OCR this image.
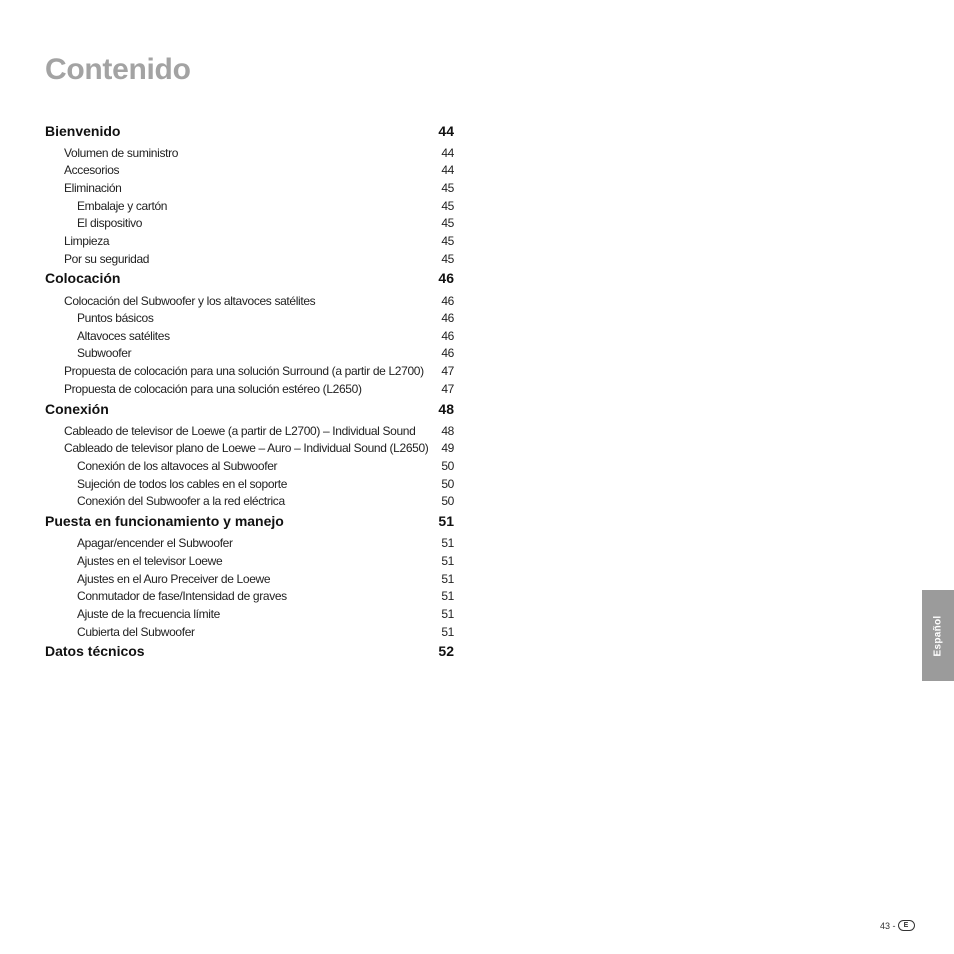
Contenido
Bienvenido	44
Volumen de suministro	44
Accesorios	44
Eliminación	45
Embalaje y cartón	45
El dispositivo	45
Limpieza	45
Por su seguridad	45
Colocación	46
Colocación del Subwoofer y los altavoces satélites	46
Puntos básicos	46
Altavoces satélites	46
Subwoofer	46
Propuesta de colocación para una solución Surround (a partir de L2700) 47
Propuesta de colocación para una solución estéreo (L2650)	47
Conexión	48
Cableado de televisor de Loewe (a partir de L2700) – Individual Sound 48
Cableado de televisor plano de Loewe – Auro – Individual Sound (L2650) 49
Conexión de los altavoces al Subwoofer	50
Sujeción de todos los cables en el soporte	50
Conexión del Subwoofer a la red eléctrica	50
Puesta en funcionamiento y manejo	51
Apagar/encender el Subwoofer	51
Ajustes en el televisor Loewe	51
Ajustes en el Auro Preceiver de Loewe	51
Conmutador de fase/Intensidad de graves	51
Ajuste de la frecuencia límite	51
Cubierta del Subwoofer	51
Datos técnicos	52	Español
43 -	E
